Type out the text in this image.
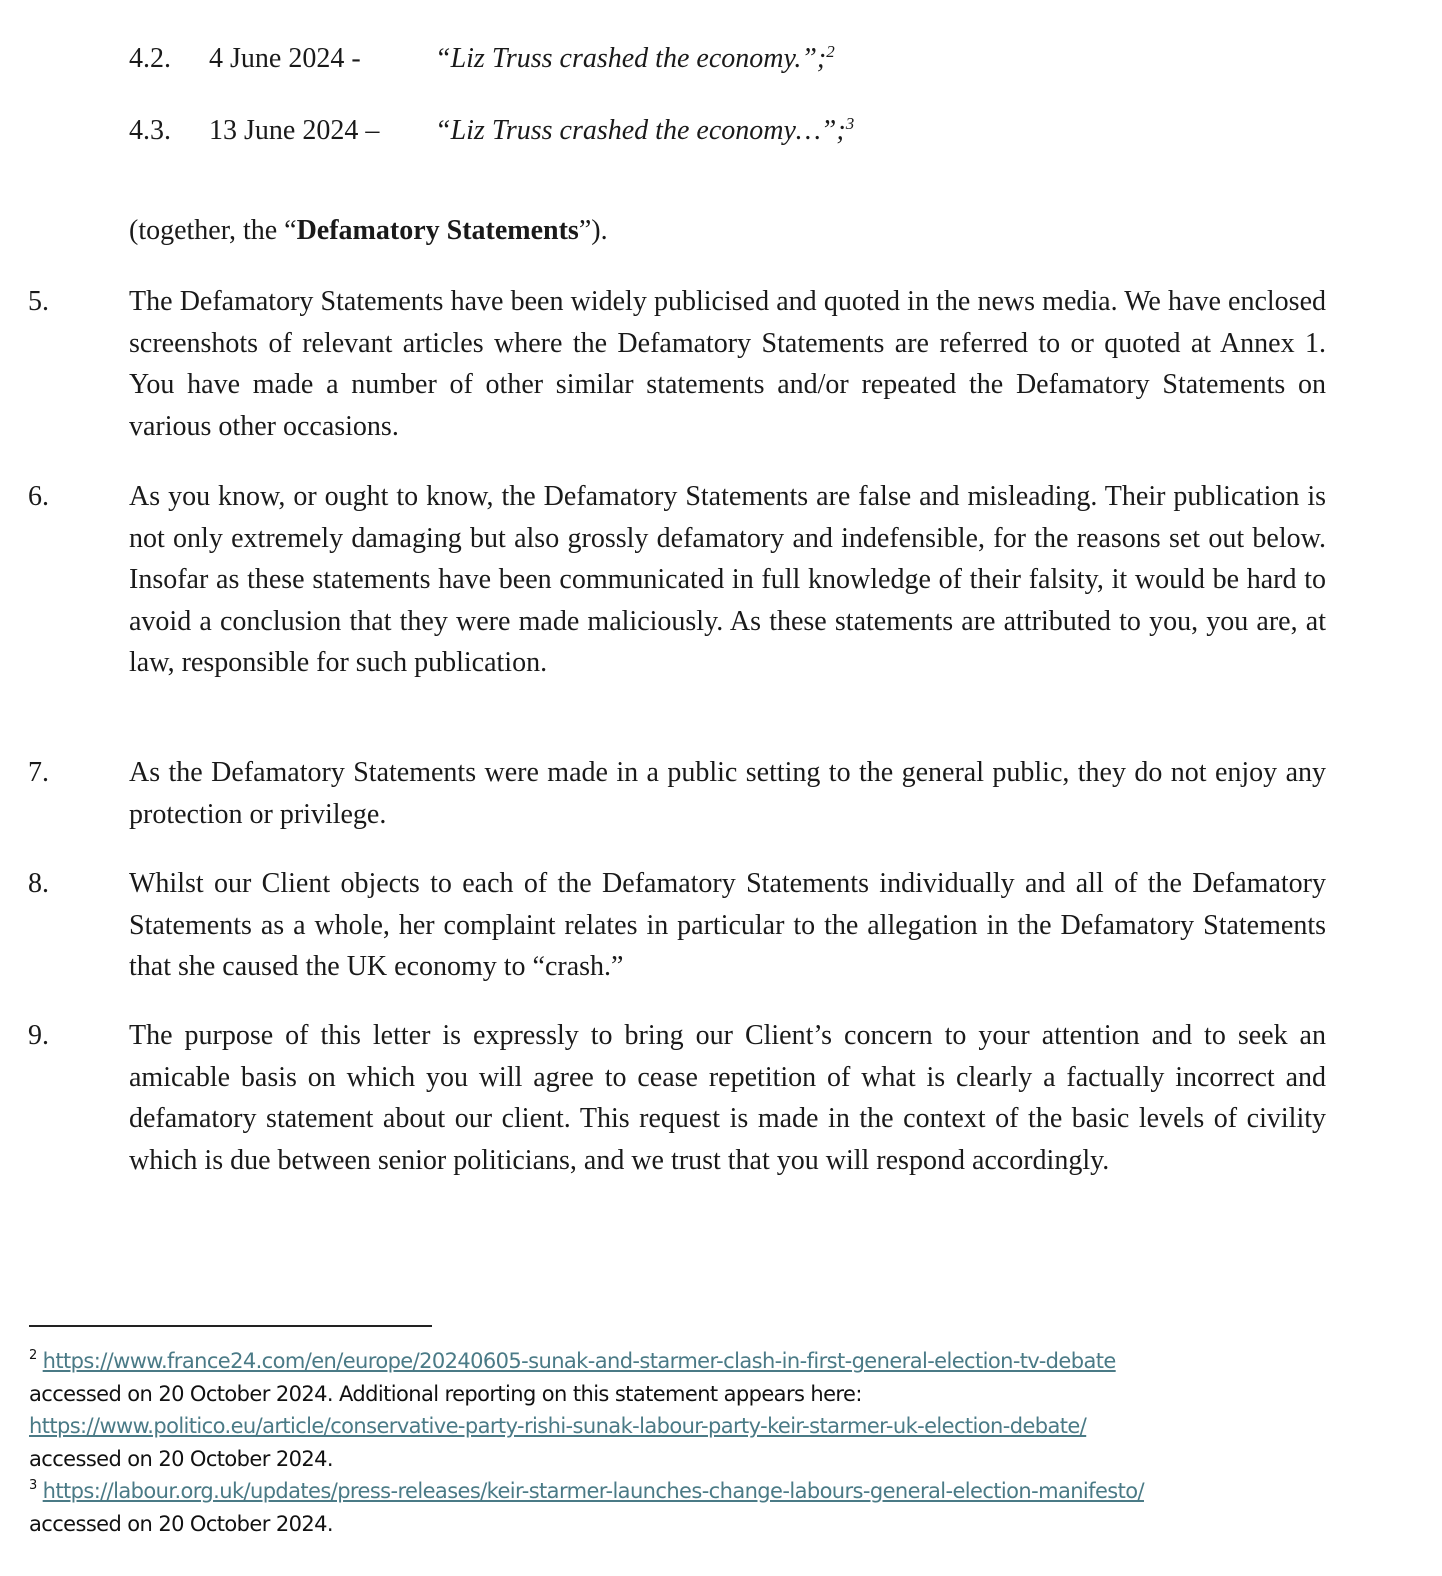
4.2. 4 June 2024 -	“Liz Truss crashed the economy.”;$^2$
4.3. 13 June 2024 – “Liz Truss crashed the economy…”;$^3$
(together, the “Defamatory Statements”).
5.	The Defamatory Statements have been widely publicised and quoted in the news media. We have enclosed screenshots of relevant articles where the Defamatory Statements are referred to or quoted at Annex 1. You have made a number of other similar statements and/or repeated the Defamatory Statements on various other occasions.
6.	As you know, or ought to know, the Defamatory Statements are false and misleading. Their publication is not only extremely damaging but also grossly defamatory and indefensible, for the reasons set out below. Insofar as these statements have been communicated in full knowledge of their falsity, it would be hard to avoid a conclusion that they were made maliciously. As these statements are attributed to you, you are, at law, responsible for such publication.
7.	As the Defamatory Statements were made in a public setting to the general public, they do not enjoy any protection or privilege.
8.	Whilst our Client objects to each of the Defamatory Statements individually and all of the Defamatory Statements as a whole, her complaint relates in particular to the allegation in the Defamatory Statements that she caused the UK economy to “crash.”
9.	The purpose of this letter is expressly to bring our Client’s concern to your attention and to seek an amicable basis on which you will agree to cease repetition of what is clearly a factually incorrect and defamatory statement about our client. This request is made in the context of the basic levels of civility which is due between senior politicians, and we trust that you will respond accordingly.
$^2$ https://www.france24.com/en/europe/20240605-sunak-and-starmer-clash-in-first-general-election-tv-debate
accessed on 20 October 2024. Additional reporting on this statement appears here:
https://www.politico.eu/article/conservative-party-rishi-sunak-labour-party-keir-starmer-uk-election-debate/
accessed on 20 October 2024.
$^3$ https://labour.org.uk/updates/press-releases/keir-starmer-launches-change-labours-general-election-manifesto/
accessed on 20 October 2024.
